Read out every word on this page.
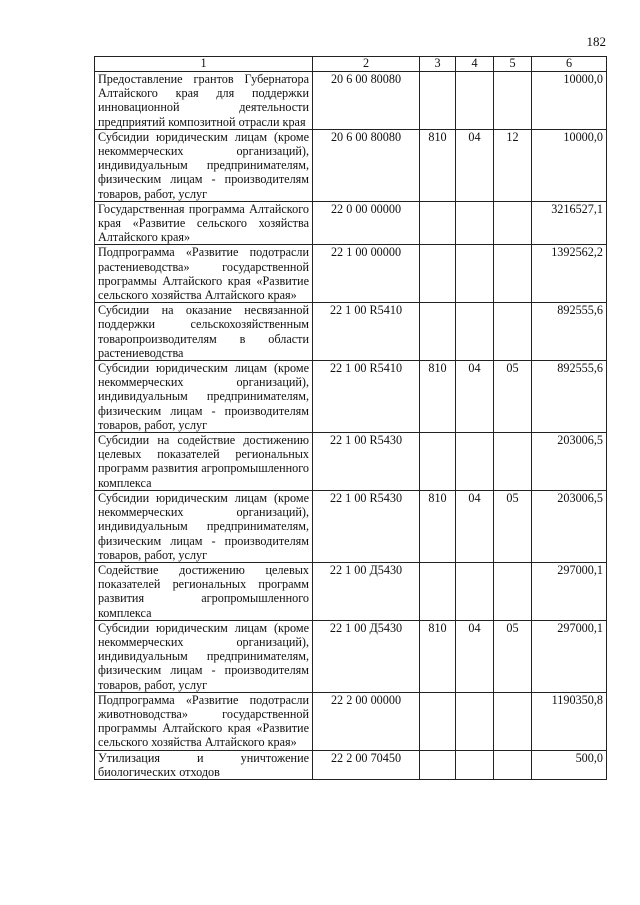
182
1	2	3	4	5	6
Предоставление грантов Губернатора Алтайского края для поддержки инновационной деятельности предприятий композитной отрасли края	20 6 00 80080				10000,0
Субсидии юридическим лицам (кроме некоммерческих организаций), индивидуальным предпринимателям, физическим лицам - производителям товаров, работ, услуг	20 6 00 80080	810	04	12	10000,0
Государственная программа Алтайского края «Развитие сельского хозяйства Алтайского края»	22 0 00 00000				3216527,1
Подпрограмма «Развитие подотрасли растениеводства» государственной программы Алтайского края «Развитие сельского хозяйства Алтайского края»	22 1 00 00000				1392562,2
Субсидии на оказание несвязанной поддержки сельскохозяйственным товаропроизводителям в области растениеводства	22 1 00 R5410				892555,6
Субсидии юридическим лицам (кроме некоммерческих организаций), индивидуальным предпринимателям, физическим лицам - производителям товаров, работ, услуг	22 1 00 R5410	810	04	05	892555,6
Субсидии на содействие достижению целевых показателей региональных программ развития агропромышленного комплекса	22 1 00 R5430				203006,5
Субсидии юридическим лицам (кроме некоммерческих организаций), индивидуальным предпринимателям, физическим лицам - производителям товаров, работ, услуг	22 1 00 R5430	810	04	05	203006,5
Содействие достижению целевых показателей региональных программ развития агропромышленного комплекса	22 1 00 Д5430				297000,1
Субсидии юридическим лицам (кроме некоммерческих организаций), индивидуальным предпринимателям, физическим лицам - производителям товаров, работ, услуг	22 1 00 Д5430	810	04	05	297000,1
Подпрограмма «Развитие подотрасли животноводства» государственной программы Алтайского края «Развитие сельского хозяйства Алтайского края»	22 2 00 00000				1190350,8
Утилизация и уничтожение биологических отходов	22 2 00 70450				500,0
